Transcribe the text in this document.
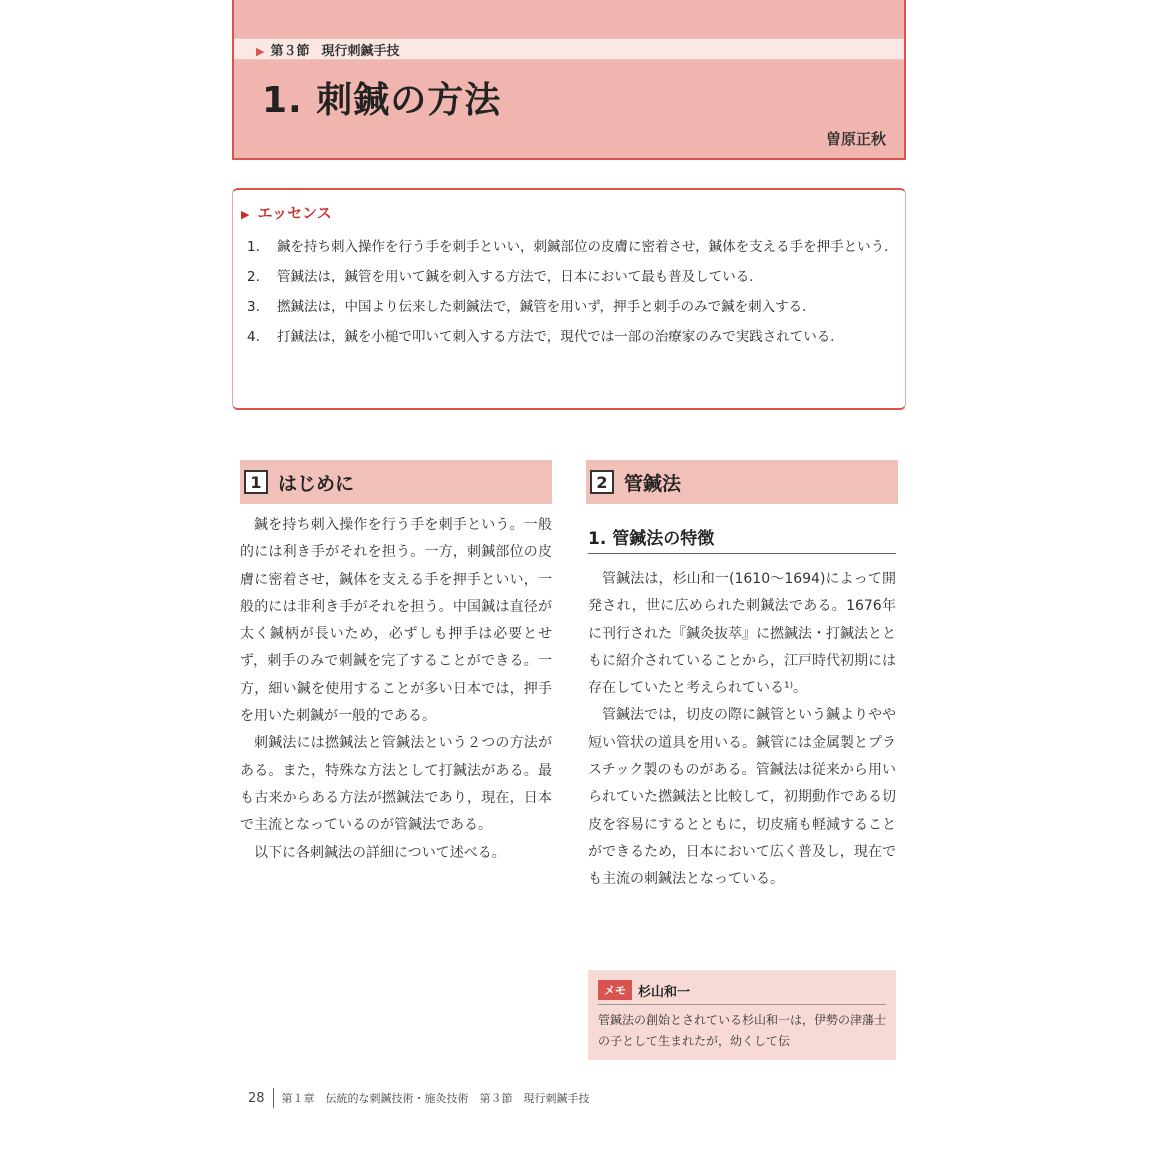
▶ 第３節 現行刺鍼手技
1. 刺鍼の方法
曽原正秋
▶ エッセンス
1.	鍼を持ち刺入操作を行う手を刺手といい，刺鍼部位の皮膚に密着させ，鍼体を支える手を押手という．
2.	管鍼法は，鍼管を用いて鍼を刺入する方法で，日本において最も普及している．
3.	撚鍼法は，中国より伝来した刺鍼法で，鍼管を用いず，押手と刺手のみで鍼を刺入する．
4.	打鍼法は，鍼を小槌で叩いて刺入する方法で，現代では一部の治療家のみで実践されている．
1 はじめに

鍼を持ち刺入操作を行う手を刺手という。一般的には利き手がそれを担う。一方，刺鍼部位の皮膚に密着させ，鍼体を支える手を押手といい，一般的には非利き手がそれを担う。中国鍼は直径が太く鍼柄が長いため，必ずしも押手は必要とせず，刺手のみで刺鍼を完了することができる。一方，細い鍼を使用することが多い日本では，押手を用いた刺鍼が一般的である。

刺鍼法には撚鍼法と管鍼法という２つの方法がある。また，特殊な方法として打鍼法がある。最も古来からある方法が撚鍼法であり，現在，日本で主流となっているのが管鍼法である。

以下に各刺鍼法の詳細について述べる。

2 管鍼法
1. 管鍼法の特徴

管鍼法は，杉山和一(1610～1694)によって開発され，世に広められた刺鍼法である。1676年に刊行された『鍼灸抜萃』に撚鍼法・打鍼法とともに紹介されていることから，江戸時代初期には存在していたと考えられている¹⁾。

管鍼法では，切皮の際に鍼管という鍼よりやや短い管状の道具を用いる。鍼管には金属製とプラスチック製のものがある。管鍼法は従来から用いられていた撚鍼法と比較して，初期動作である切皮を容易にするとともに，切皮痛も軽減することができるため，日本において広く普及し，現在でも主流の刺鍼法となっている。

メモ 杉山和一
管鍼法の創始とされている杉山和一は，伊勢の津藩士の子として生まれたが，幼くして伝
28 第１章　伝統的な刺鍼技術・施灸技術　第３節　現行刺鍼手技
